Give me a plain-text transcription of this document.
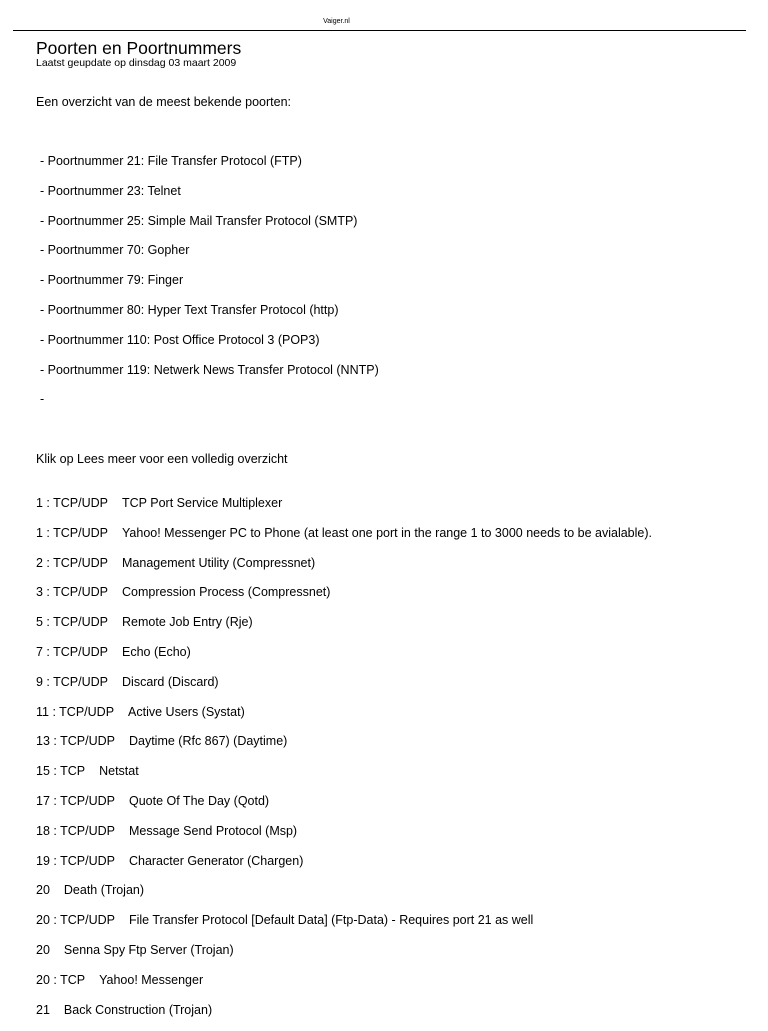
Vaiger.nl
Poorten en Poortnummers
Laatst geupdate op dinsdag 03 maart 2009
Een overzicht van de meest bekende poorten:
- Poortnummer 21: File Transfer Protocol (FTP)
- Poortnummer 23: Telnet
- Poortnummer 25: Simple Mail Transfer Protocol (SMTP)
- Poortnummer 70: Gopher
- Poortnummer 79: Finger
- Poortnummer 80: Hyper Text Transfer Protocol (http)
- Poortnummer 110: Post Office Protocol 3 (POP3)
- Poortnummer 119: Netwerk News Transfer Protocol (NNTP)
-
Klik op Lees meer voor een volledig overzicht
1 : TCP/UDP TCP Port Service Multiplexer
1 : TCP/UDP Yahoo! Messenger PC to Phone (at least one port in the range 1 to 3000 needs to be avialable).
2 : TCP/UDP Management Utility (Compressnet)
3 : TCP/UDP Compression Process (Compressnet)
5 : TCP/UDP Remote Job Entry (Rje)
7 : TCP/UDP Echo (Echo)
9 : TCP/UDP Discard (Discard)
11 : TCP/UDP Active Users (Systat)
13 : TCP/UDP Daytime (Rfc 867) (Daytime)
15 : TCP Netstat
17 : TCP/UDP Quote Of The Day (Qotd)
18 : TCP/UDP Message Send Protocol (Msp)
19 : TCP/UDP Character Generator (Chargen)
20 Death (Trojan)
20 : TCP/UDP File Transfer Protocol [Default Data] (Ftp-Data) - Requires port 21 as well
20 Senna Spy Ftp Server (Trojan)
20 : TCP Yahoo! Messenger
21 Back Construction (Trojan)
